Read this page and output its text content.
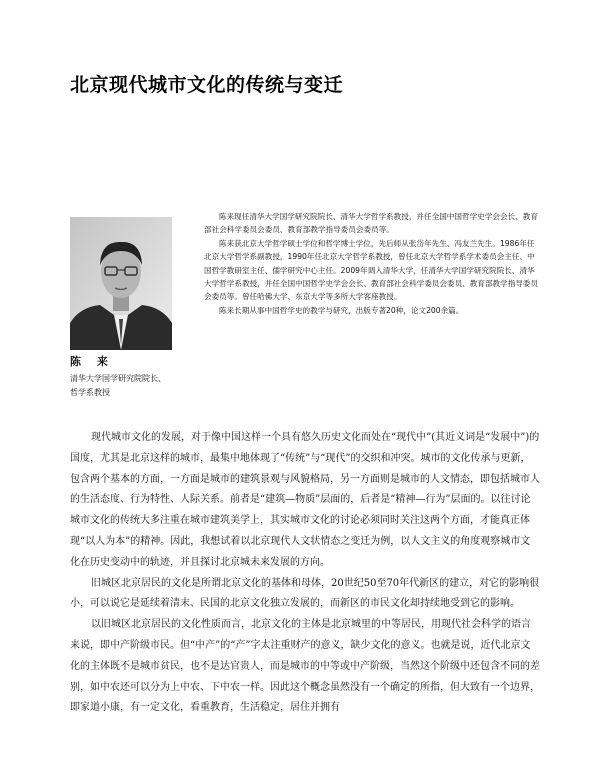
北京现代城市文化的传统与变迁
陈 来
清华大学国学研究院院长、
哲学系教授

陈来现任清华大学国学研究院院长、清华大学哲学系教授，并任全国中国哲学史学会会长、教育部社会科学委员会委员、教育部教学指导委员会委员等。

陈来获北京大学哲学硕士学位和哲学博士学位，先后师从张岱年先生、冯友兰先生。1986年任北京大学哲学系副教授，1990年任北京大学哲学系教授，曾任北京大学哲学系学术委员会主任、中国哲学教研室主任、儒学研究中心主任。2009年调入清华大学，任清华大学国学研究院院长、清华大学哲学系教授，并任全国中国哲学史学会会长、教育部社会科学委员会委员、教育部教学指导委员会委员等。曾任哈佛大学、东京大学等多所大学客座教授。

陈来长期从事中国哲学史的教学与研究，出版专著20种，论文200余篇。

现代城市文化的发展，对于像中国这样一个具有悠久历史文化而处在“现代中”(其近义词是“发展中”)的国度，尤其是北京这样的城市，最集中地体现了“传统”与“现代”的交织和冲突。城市的文化传承与更新，包含两个基本的方面，一方面是城市的建筑景观与风貌格局，另一方面则是城市的人文情态，即包括城市人的生活态度、行为特性、人际关系。前者是“建筑—物质”层面的，后者是“精神—行为”层面的。以往讨论城市文化的传统大多注重在城市建筑美学上，其实城市文化的讨论必须同时关注这两个方面，才能真正体现“以人为本”的精神。因此，我想试着以北京现代人文状情态之变迁为例，以人文主义的角度观察城市文化在历史变动中的轨迹，并且探讨北京城未来发展的方向。

旧城区北京居民的文化是所谓北京文化的基体和母体，20世纪50至70年代新区的建立，对它的影响很小，可以说它是延续着清末、民国的北京文化独立发展的，而新区的市民文化却持续地受到它的影响。

以旧城区北京居民的文化性质而言，北京文化的主体是北京城里的中等居民，用现代社会科学的语言来说，即中产阶级市民。但“中产”的“产”字太注重财产的意义，缺少文化的意义。也就是说，近代北京文化的主体既不是城市贫民，也不是达官贵人，而是城市的中等或中产阶级，当然这个阶级中还包含不同的差别，如中农还可以分为上中农、下中农一样。因此这个概念虽然没有一个确定的所指，但大致有一个边界，即家道小康，有一定文化，看重教育，生活稳定，居住并拥有
